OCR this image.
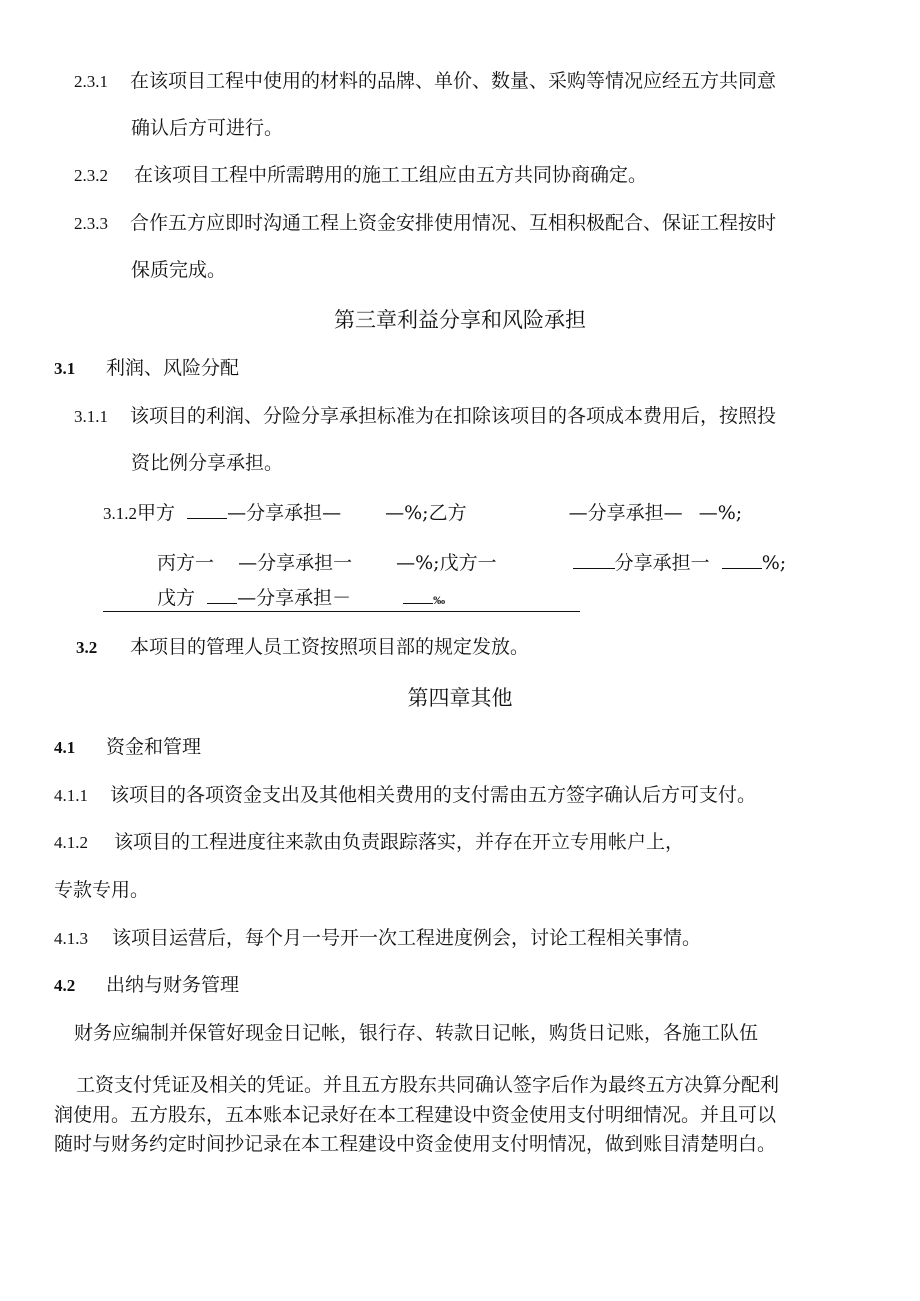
2.3.1 在该项目工程中使用的材料的品牌、单价、数量、采购等情况应经五方共同意
确认后方可进行。
2.3.2 在该项目工程中所需聘用的施工工组应由五方共同协商确定。
2.3.3 合作五方应即时沟通工程上资金安排使用情况、互相积极配合、保证工程按时
保质完成。
第三章利益分享和风险承担
3.1 利润、风险分配
3.1.1 该项目的利润、分险分享承担标准为在扣除该项目的各项成本费用后，按照投
资比例分享承担。
3.1.2甲方	—分享承担— —%;乙方	—分享承担— —%;
丙方一 —分享承担一 —%;戊方一	分享承担一	%;
戊方 —分享承担－	‰
3.2 本项目的管理人员工资按照项目部的规定发放。
第四章其他
4.1 资金和管理
4.1.1 该项目的各项资金支出及其他相关费用的支付需由五方签字确认后方可支付。
4.1.2 该项目的工程进度往来款由负责跟踪落实，并存在开立专用帐户上，
专款专用。
4.1.3 该项目运营后，每个月一号开一次工程进度例会，讨论工程相关事情。
4.2 出纳与财务管理
财务应编制并保管好现金日记帐，银行存、转款日记帐，购货日记账，各施工队伍
工资支付凭证及相关的凭证。并且五方股东共同确认签字后作为最终五方决算分配利
润使用。五方股东，五本账本记录好在本工程建设中资金使用支付明细情况。并且可以
随时与财务约定时间抄记录在本工程建设中资金使用支付明情况，做到账目清楚明白。
